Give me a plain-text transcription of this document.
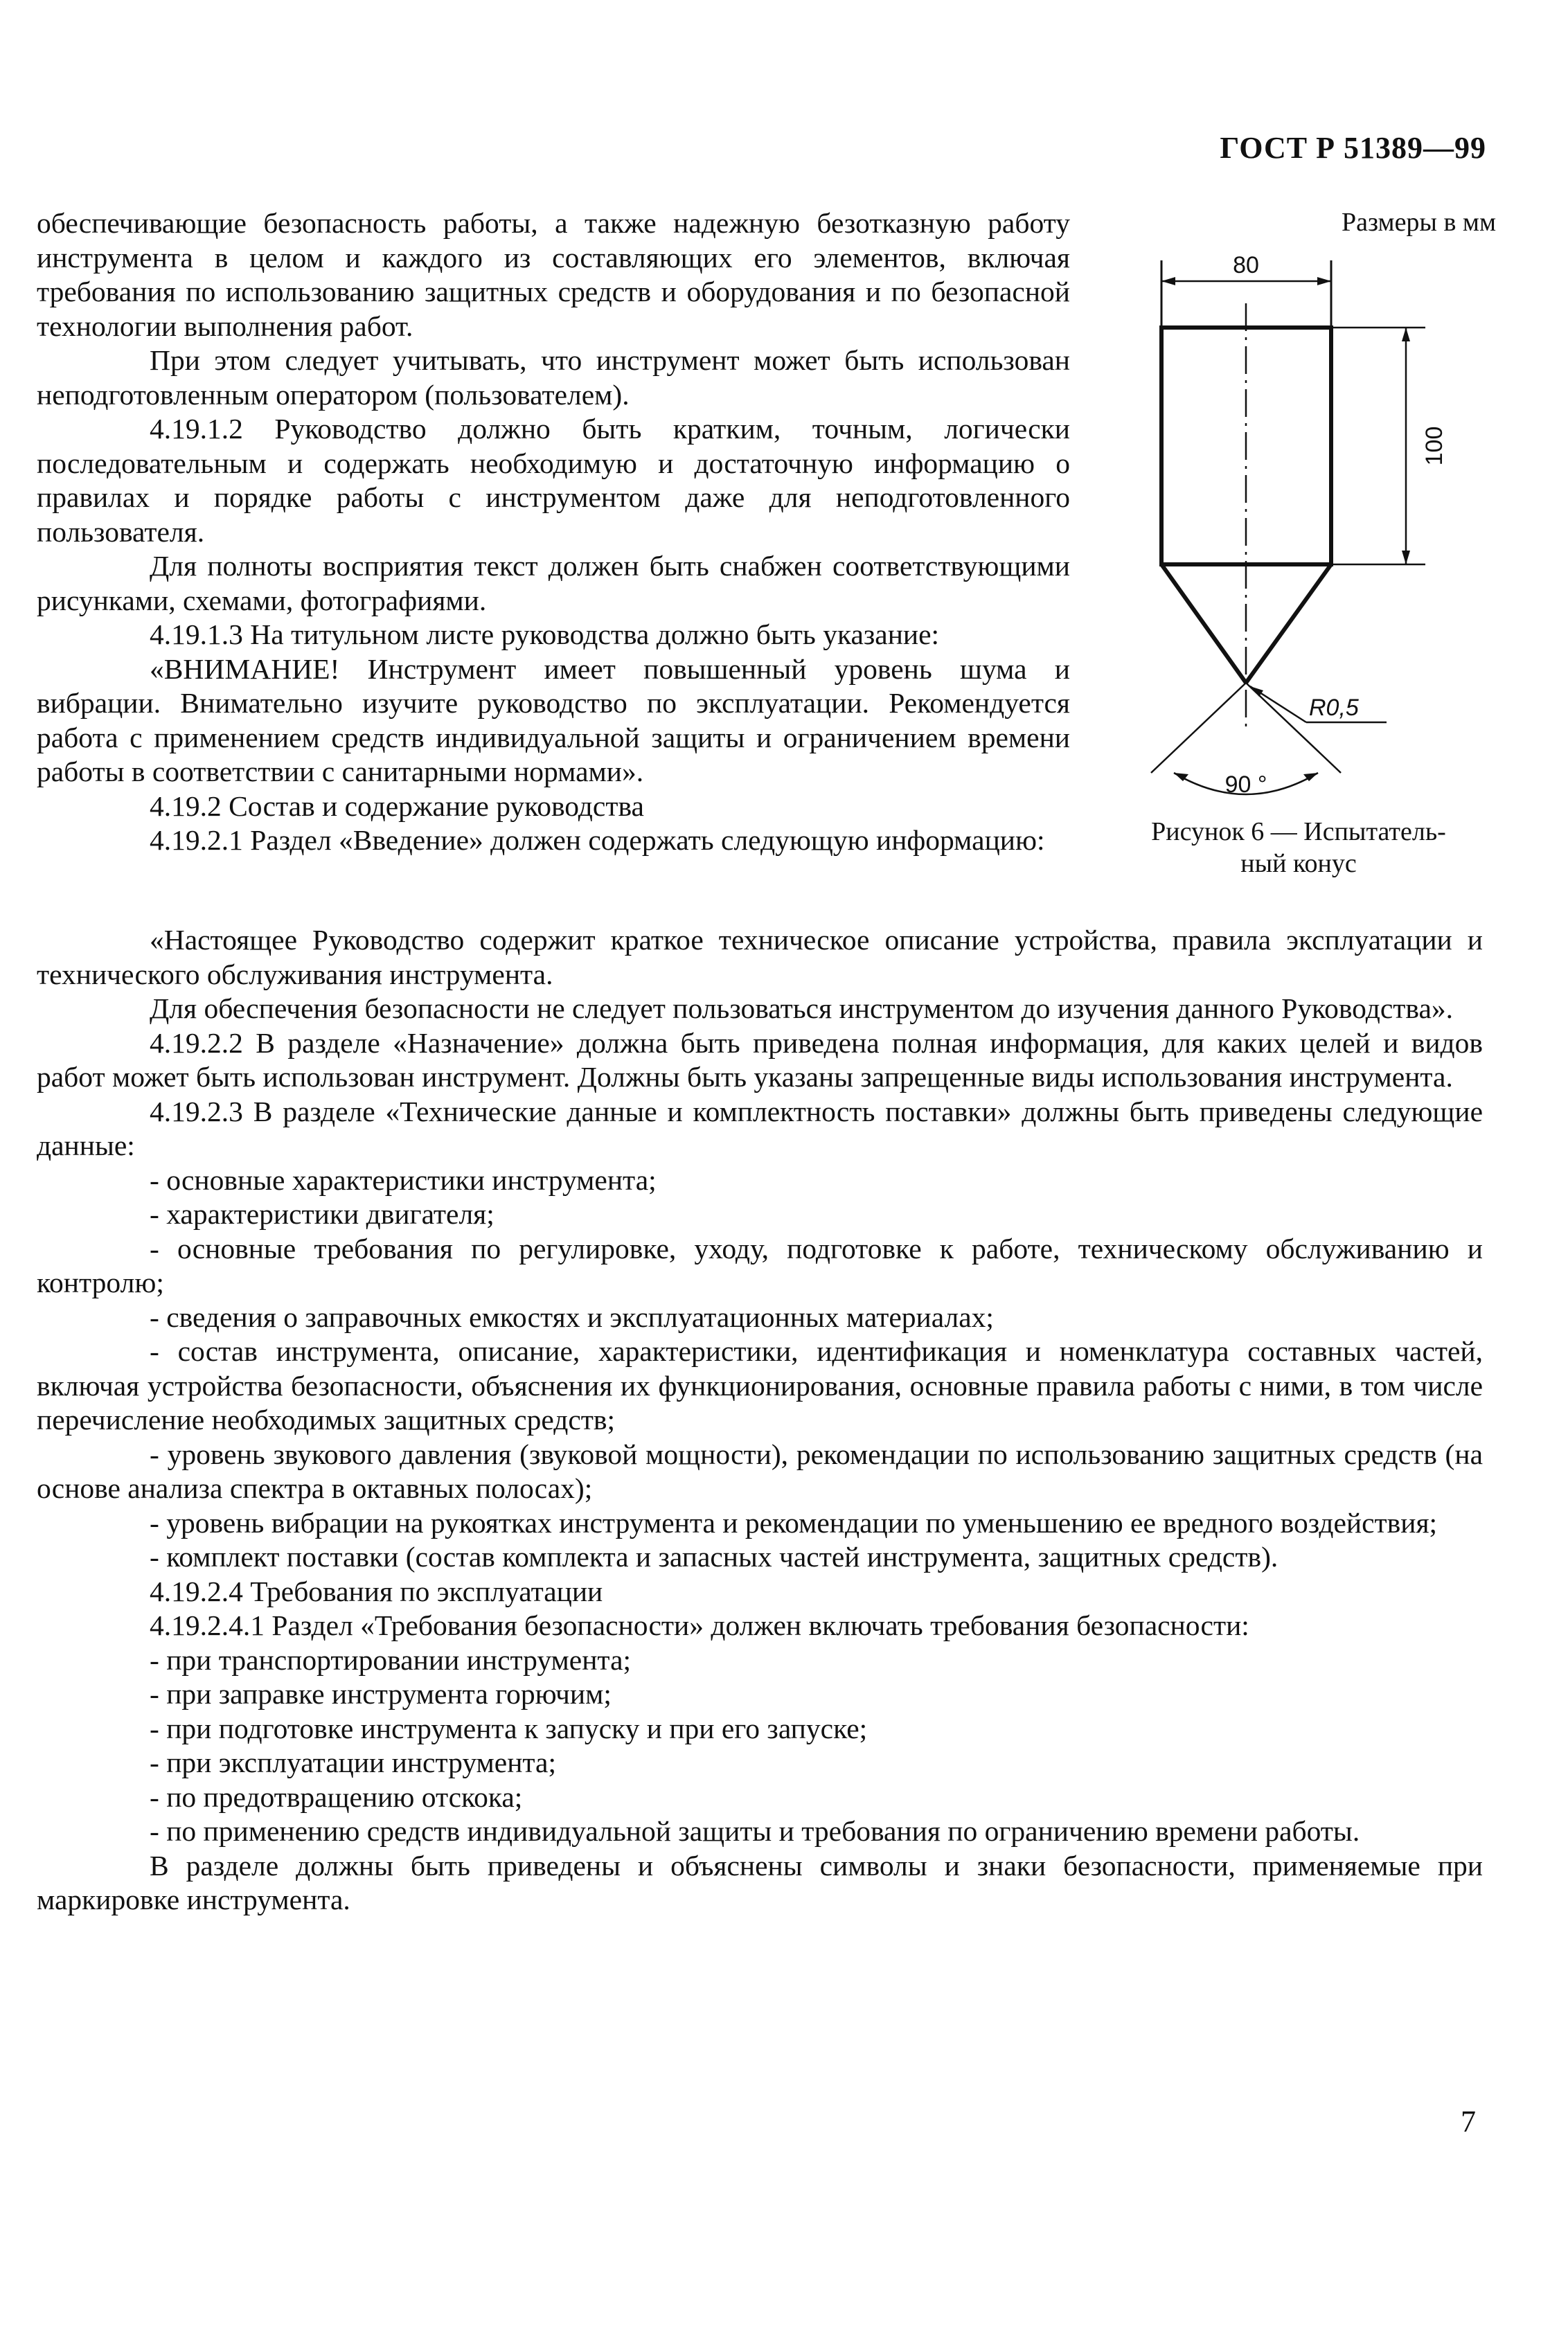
ГОСТ Р 51389—99

обеспечивающие безопасность работы, а также надежную безотказную работу инструмента в целом и каждого из составляющих его элементов, включая требования по использованию защитных средств и оборудования и по безопасной технологии выполнения работ.

При этом следует учитывать, что инструмент может быть использован неподготовленным оператором (пользователем).

4.19.1.2 Руководство должно быть кратким, точным, логически последовательным и содержать необходимую и достаточную информацию о правилах и порядке работы с инструментом даже для неподготовленного пользователя.

Для полноты восприятия текст должен быть снабжен соответствующими рисунками, схемами, фотографиями.

4.19.1.3 На титульном листе руководства должно быть указание:

«ВНИМАНИЕ! Инструмент имеет повышенный уровень шума и вибрации. Внимательно изучите руководство по эксплуатации. Рекомендуется работа с применением средств индивидуальной защиты и ограничением времени работы в соответствии с санитарными нормами».

4.19.2 Состав и содержание руководства

4.19.2.1 Раздел «Введение» должен содержать следующую информацию:

Размеры в мм
80
100
R0,5
90 °
Рисунок 6 — Испытатель-
ный конус

«Настоящее Руководство содержит краткое техническое описание устройства, правила эксплуатации и технического обслуживания инструмента.

Для обеспечения безопасности не следует пользоваться инструментом до изучения данного Руководства».

4.19.2.2 В разделе «Назначение» должна быть приведена полная информация, для каких целей и видов работ может быть использован инструмент. Должны быть указаны запрещенные виды использования инструмента.

4.19.2.3 В разделе «Технические данные и комплектность поставки» должны быть приведены следующие данные:

- основные характеристики инструмента;

- характеристики двигателя;

- основные требования по регулировке, уходу, подготовке к работе, техническому обслуживанию и контролю;

- сведения о заправочных емкостях и эксплуатационных материалах;

- состав инструмента, описание, характеристики, идентификация и номенклатура составных частей, включая устройства безопасности, объяснения их функционирования, основные правила работы с ними, в том числе перечисление необходимых защитных средств;

- уровень звукового давления (звуковой мощности), рекомендации по использованию защитных средств (на основе анализа спектра в октавных полосах);

- уровень вибрации на рукоятках инструмента и рекомендации по уменьшению ее вредного воздействия;

- комплект поставки (состав комплекта и запасных частей инструмента, защитных средств).

4.19.2.4 Требования по эксплуатации

4.19.2.4.1 Раздел «Требования безопасности» должен включать требования безопасности:

- при транспортировании инструмента;

- при заправке инструмента горючим;

- при подготовке инструмента к запуску и при его запуске;

- при эксплуатации инструмента;

- по предотвращению отскока;

- по применению средств индивидуальной защиты и требования по ограничению времени работы.

В разделе должны быть приведены и объяснены символы и знаки безопасности, применяемые при маркировке инструмента.

7
